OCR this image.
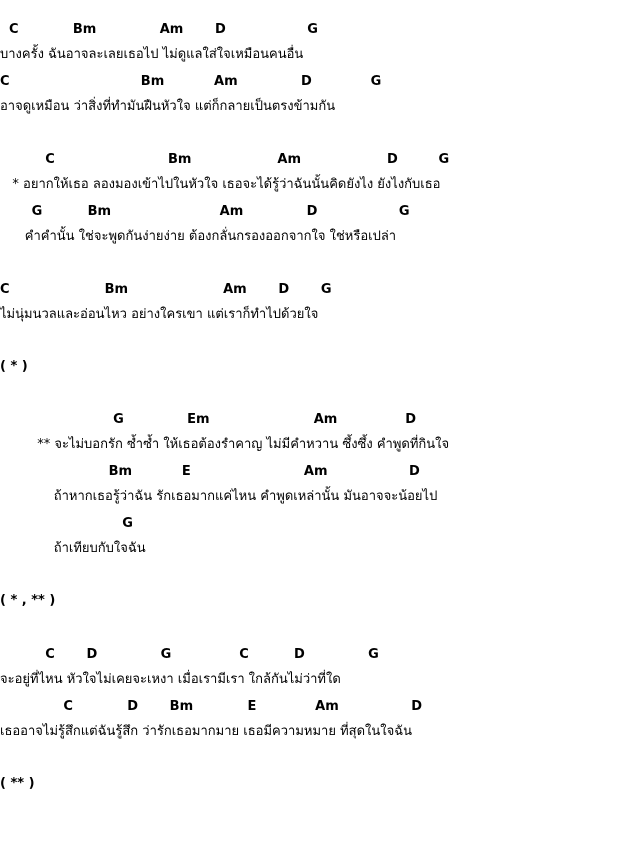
C            Bm              Am       D                  G

บางครั้ง ฉันอาจละเลยเธอไป ไม่ดูแลใส่ใจเหมือนคนอื่น

C                             Bm           Am              D             G

อาจดูเหมือน ว่าสิ่งที่ทำมันฝืนหัวใจ แต่ก็กลายเป็นตรงข้ามกัน

C                         Bm                   Am                   D         G

* อยากให้เธอ ลองมองเข้าไปในหัวใจ เธอจะได้รู้ว่าฉันนั้นคิดยังไง ยังไงกับเธอ

G          Bm                        Am              D                  G

คำคำนั้น ใช่จะพูดกันง่ายง่าย ต้องกลั่นกรองออกจากใจ ใช่หรือเปล่า

C                     Bm                     Am       D       G

ไม่นุ่มนวลและอ่อนไหว อย่างใครเขา แต่เราก็ทำไปด้วยใจ

( * )

G              Em                       Am               D

** จะไม่บอกรัก ซ้ำซ้ำ ให้เธอต้องรำคาญ ไม่มีคำหวาน ซึ้งซึ้ง คำพูดที่กินใจ

Bm           E                         Am                  D

ถ้าหากเธอรู้ว่าฉัน รักเธอมากแค่ไหน คำพูดเหล่านั้น มันอาจจะน้อยไป

G

ถ้าเทียบกับใจฉัน

( * , ** )

C       D              G               C          D              G

จะอยู่ที่ไหน หัวใจไม่เคยจะเหงา เมื่อเรามีเรา ใกล้กันไม่ว่าที่ใด

C            D       Bm            E             Am                D

เธออาจไม่รู้สึกแต่ฉันรู้สึก ว่ารักเธอมากมาย เธอมีความหมาย ที่สุดในใจฉัน

( ** )
